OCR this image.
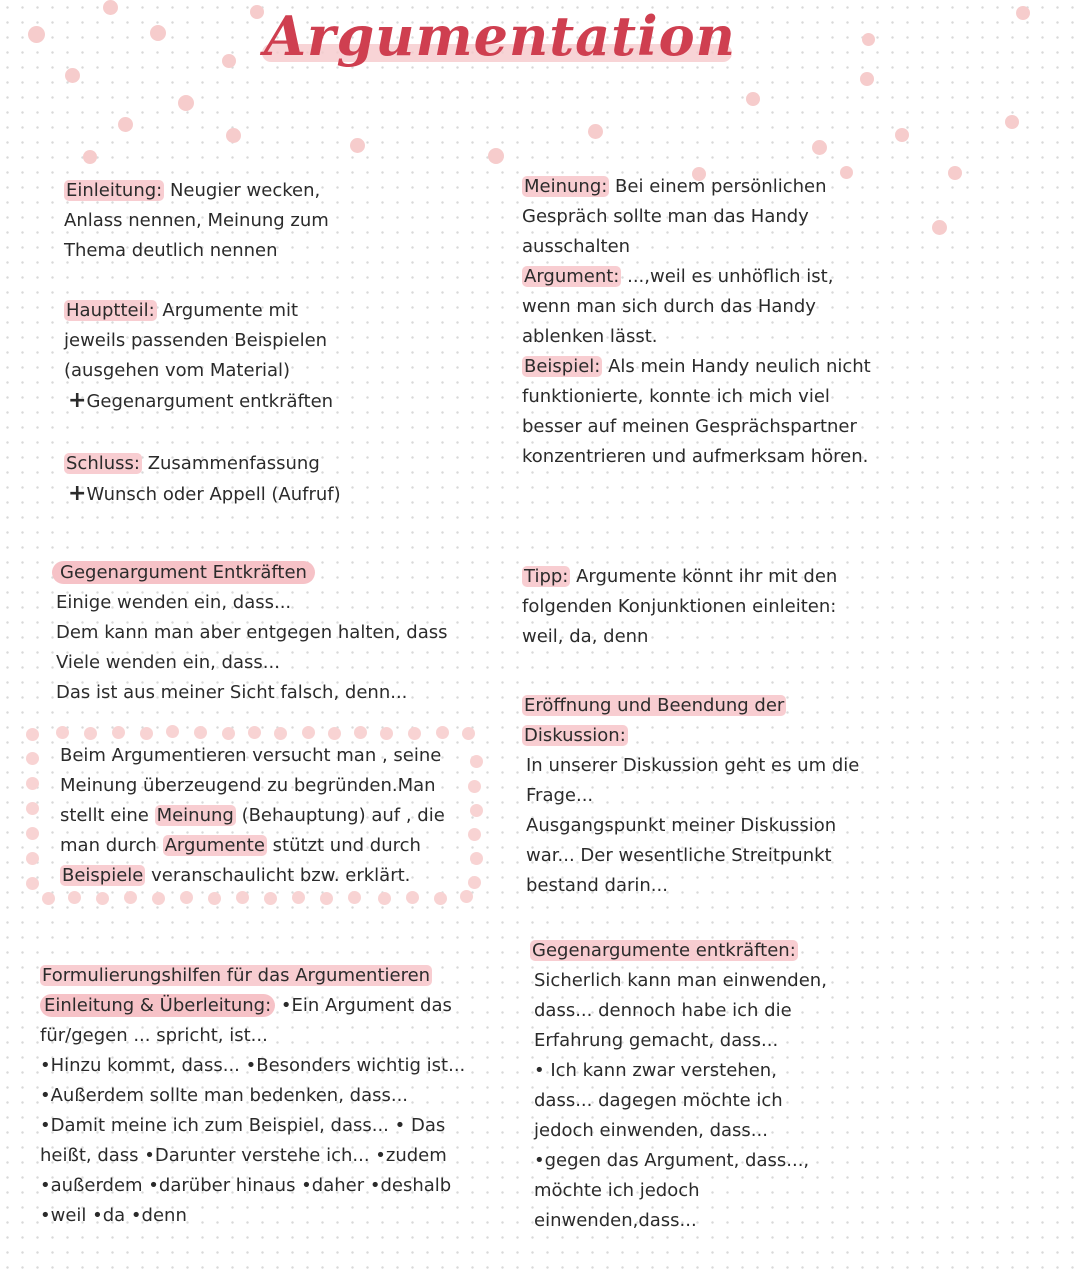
Argumentation
Einleitung: Neugier wecken,
Anlass nennen, Meinung zum
Thema deutlich nennen
Hauptteil: Argumente mit
jeweils passenden Beispielen
(ausgehen vom Material)
+Gegenargument entkräften
Schluss: Zusammenfassung
+Wunsch oder Appell (Aufruf)
Meinung: Bei einem persönlichen
Gespräch sollte man das Handy
ausschalten
Argument: ...,weil es unhöflich ist,
wenn man sich durch das Handy
ablenken lässt.
Beispiel: Als mein Handy neulich nicht
funktionierte, konnte ich mich viel
besser auf meinen Gesprächspartner
konzentrieren und aufmerksam hören.
Gegenargument Entkräften
Einige wenden ein, dass...
Dem kann man aber entgegen halten, dass
Viele wenden ein, dass...
Das ist aus meiner Sicht falsch, denn...
Tipp: Argumente könnt ihr mit den
folgenden Konjunktionen einleiten:
weil, da, denn
Beim Argumentieren versucht man , seine
Meinung überzeugend zu begründen.Man
stellt eine Meinung (Behauptung) auf , die
man durch Argumente stützt und durch
Beispiele veranschaulicht bzw. erklärt.
Eröffnung und Beendung der
Diskussion:
In unserer Diskussion geht es um die
Frage...
Ausgangspunkt meiner Diskussion
war... Der wesentliche Streitpunkt
bestand darin...
Formulierungshilfen für das Argumentieren
Einleitung & Überleitung: •Ein Argument das
für/gegen ... spricht, ist...
•Hinzu kommt, dass... •Besonders wichtig ist...
•Außerdem sollte man bedenken, dass...
•Damit meine ich zum Beispiel, dass... • Das
heißt, dass •Darunter verstehe ich... •zudem
•außerdem •darüber hinaus •daher •deshalb
•weil •da •denn
Gegenargumente entkräften:
Sicherlich kann man einwenden,
dass... dennoch habe ich die
Erfahrung gemacht, dass...
• Ich kann zwar verstehen,
dass... dagegen möchte ich
jedoch einwenden, dass...
•gegen das Argument, dass...,
möchte ich jedoch
einwenden,dass...
